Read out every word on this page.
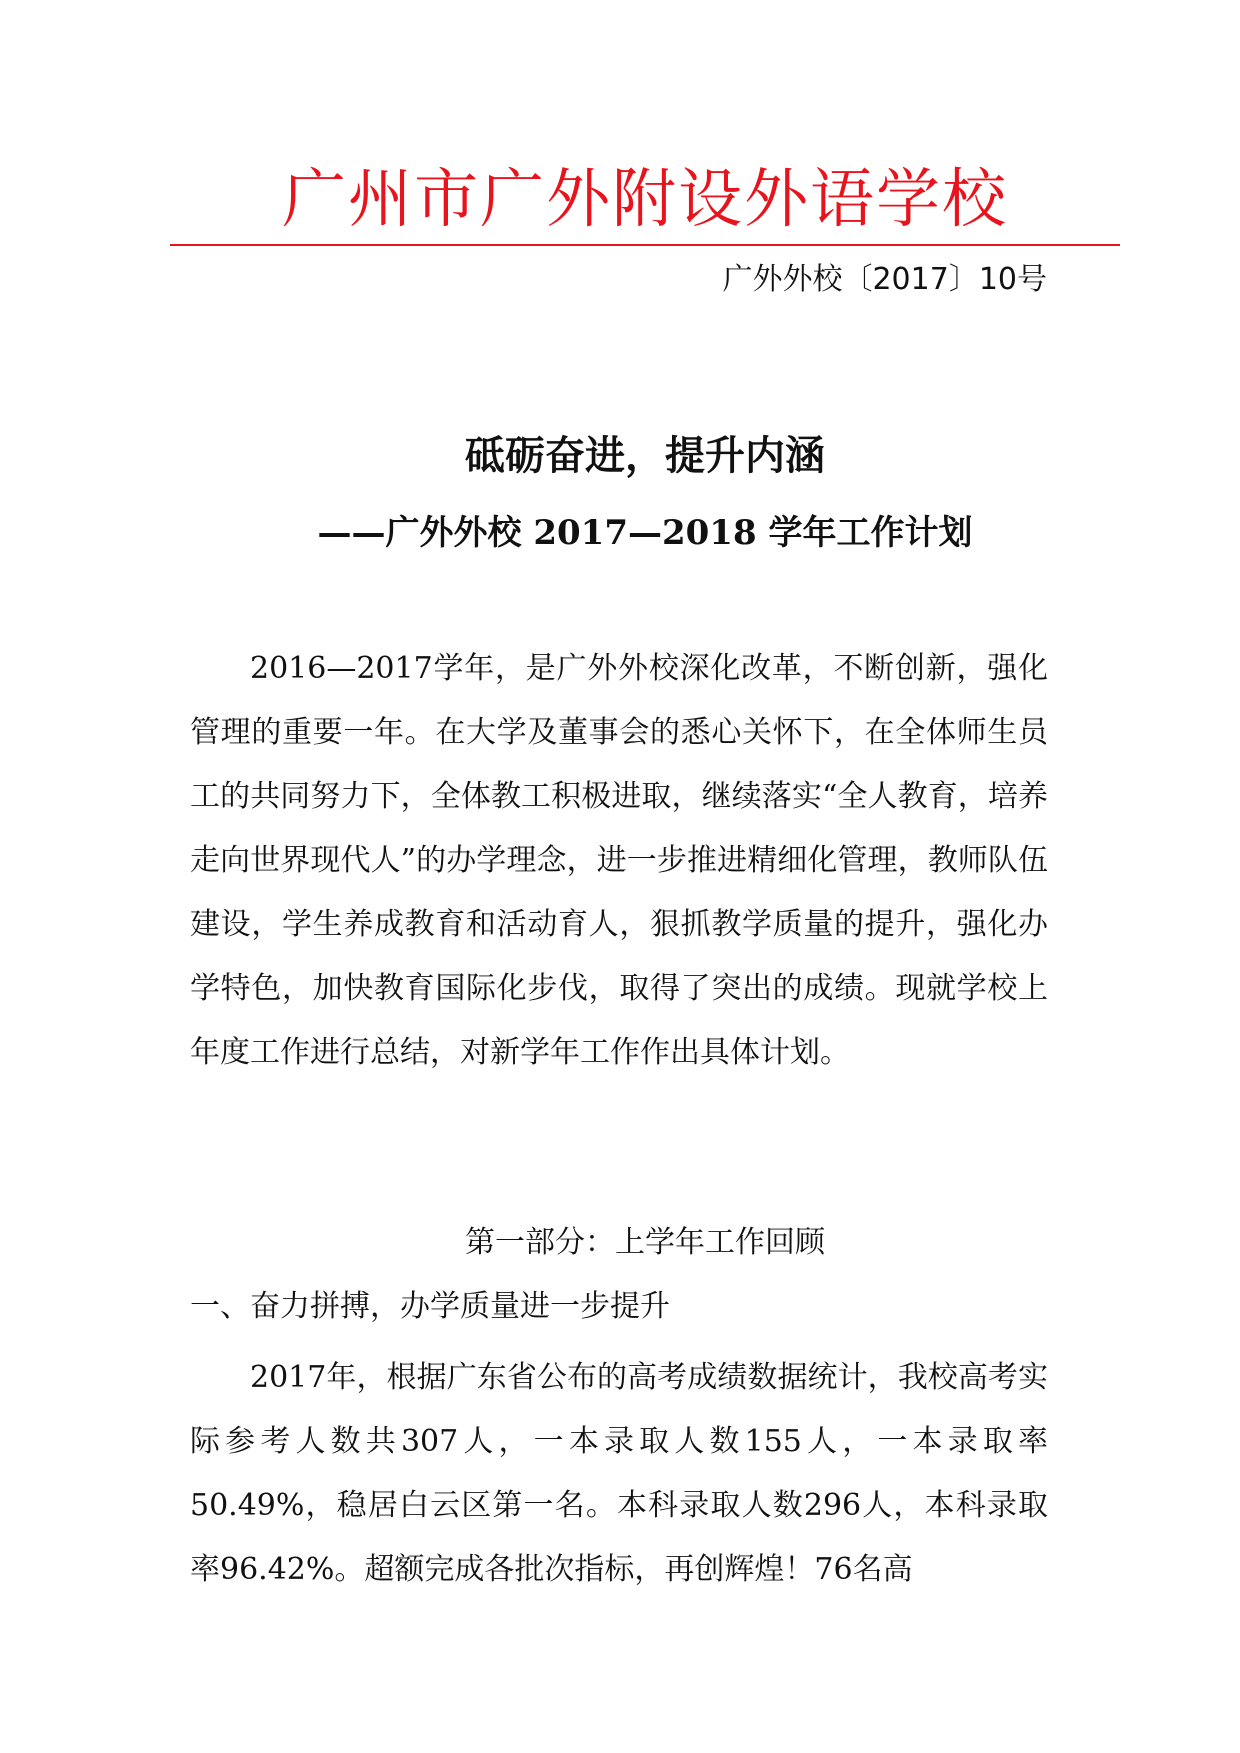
广州市广外附设外语学校
广外外校〔2017〕10号
砥砺奋进，提升内涵
——广外外校 2017—2018 学年工作计划

2016—2017学年，是广外外校深化改革，不断创新，强化管理的重要一年。在大学及董事会的悉心关怀下，在全体师生员工的共同努力下，全体教工积极进取，继续落实“全人教育，培养走向世界现代人”的办学理念，进一步推进精细化管理，教师队伍建设，学生养成教育和活动育人，狠抓教学质量的提升，强化办学特色，加快教育国际化步伐，取得了突出的成绩。现就学校上年度工作进行总结，对新学年工作作出具体计划。

第一部分：上学年工作回顾
一、奋力拼搏，办学质量进一步提升

2017年，根据广东省公布的高考成绩数据统计，我校高考实际参考人数共307人，一本录取人数155人，一本录取率50.49%，稳居白云区第一名。本科录取人数296人，本科录取率96.42%。超额完成各批次指标，再创辉煌！76名高
